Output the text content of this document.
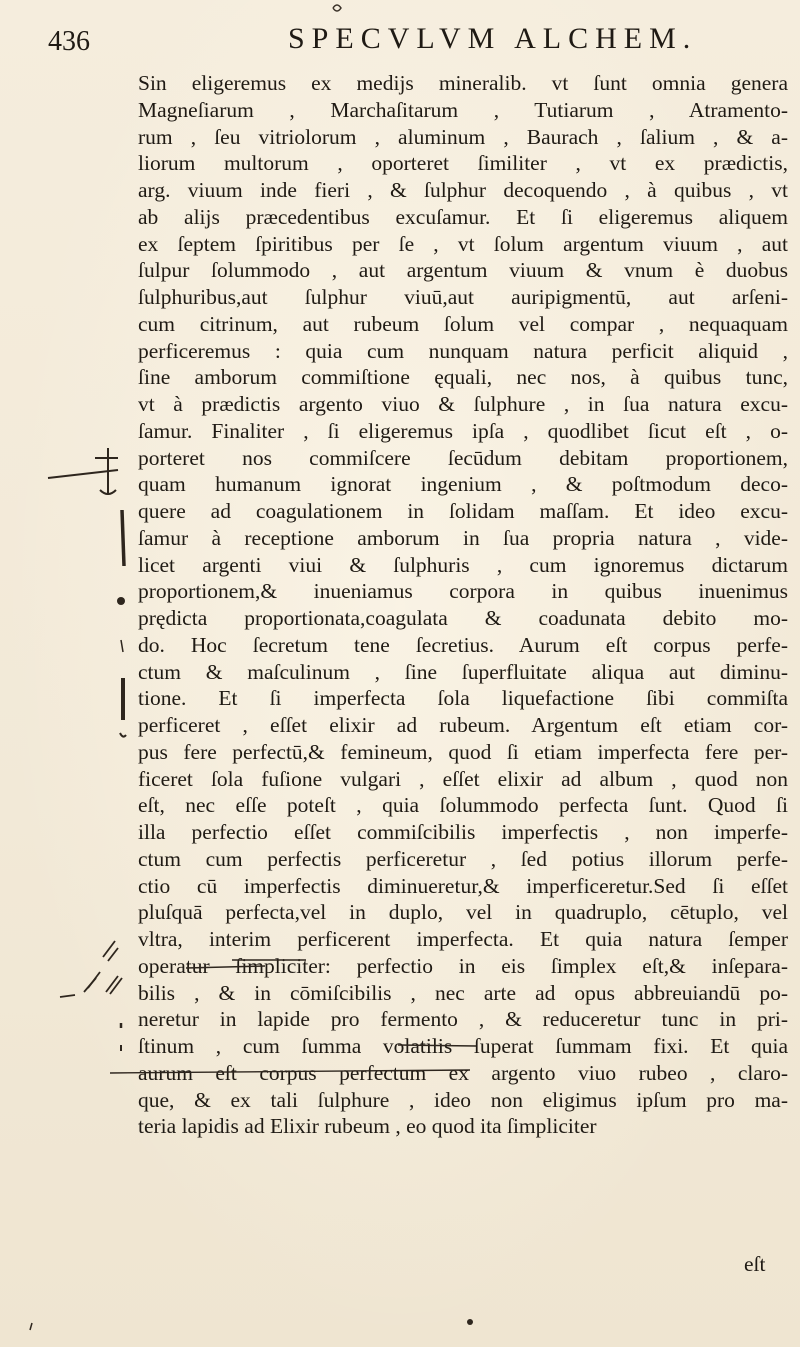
436	SPECVLVM ALCHEM.
Sin eligeremus ex medijs mineralib. vt ſunt omnia genera
Magneſiarum , Marchaſitarum , Tutiarum , Atramento-
rum , ſeu vitriolorum , aluminum , Baurach , ſalium , & a-
liorum multorum , oporteret ſimiliter , vt ex prædictis,
arg. viuum inde fieri , & ſulphur decoquendo , à quibus , vt
ab alijs præcedentibus excuſamur. Et ſi eligeremus aliquem
ex ſeptem ſpiritibus per ſe , vt ſolum argentum viuum , aut
ſulpur ſolummodo , aut argentum viuum & vnum è duobus
ſulphuribus,aut ſulphur viuū,aut auripigmentū, aut arſeni-
cum citrinum, aut rubeum ſolum vel compar , nequaquam
perficeremus : quia cum nunquam natura perficit aliquid ,
ſine amborum commiſtione ęquali, nec nos, à quibus tunc,
vt à prædictis argento viuo & ſulphure , in ſua natura excu-
ſamur. Finaliter , ſi eligeremus ipſa , quodlibet ſicut eſt , o-
porteret nos commiſcere ſecūdum debitam proportionem,
quam humanum ignorat ingenium , & poſtmodum deco-
quere ad coagulationem in ſolidam maſſam. Et ideo excu-
ſamur à receptione amborum in ſua propria natura , vide-
licet argenti viui & ſulphuris , cum ignoremus dictarum
proportionem,& inueniamus corpora in quibus inuenimus
prędicta proportionata,coagulata & coadunata debito mo-
do. Hoc ſecretum tene ſecretius. Aurum eſt corpus perfe-
ctum & maſculinum , ſine ſuperfluitate aliqua aut diminu-
tione. Et ſi imperfecta ſola liquefactione ſibi commiſta
perficeret , eſſet elixir ad rubeum. Argentum eſt etiam cor-
pus fere perfectū,& femineum, quod ſi etiam imperfecta fere per-
ficeret ſola fuſione vulgari , eſſet elixir ad album , quod non
eſt, nec eſſe poteſt , quia ſolummodo perfecta ſunt. Quod ſi
illa perfectio eſſet commiſcibilis imperfectis , non imperfe-
ctum cum perfectis perficeretur , ſed potius illorum perfe-
ctio cū imperfectis diminueretur,& imperficeretur.Sed ſi eſſet
pluſquā perfecta,vel in duplo, vel in quadruplo, cētuplo, vel
vltra, interim perficerent imperfecta. Et quia natura ſemper
operatur ſimpliciter: perfectio in eis ſimplex eſt,& inſepara-
bilis , & in cōmiſcibilis , nec arte ad opus abbreuiandū po-
neretur in lapide pro fermento , & reduceretur tunc in pri-
ſtinum , cum ſumma volatilis ſuperat ſummam fixi. Et quia
aurum eſt corpus perfectum ex argento viuo rubeo , claro-
que, & ex tali ſulphure , ideo non eligimus ipſum pro ma-
teria lapidis ad Elixir rubeum , eo quod ita ſimpliciter
eſt
